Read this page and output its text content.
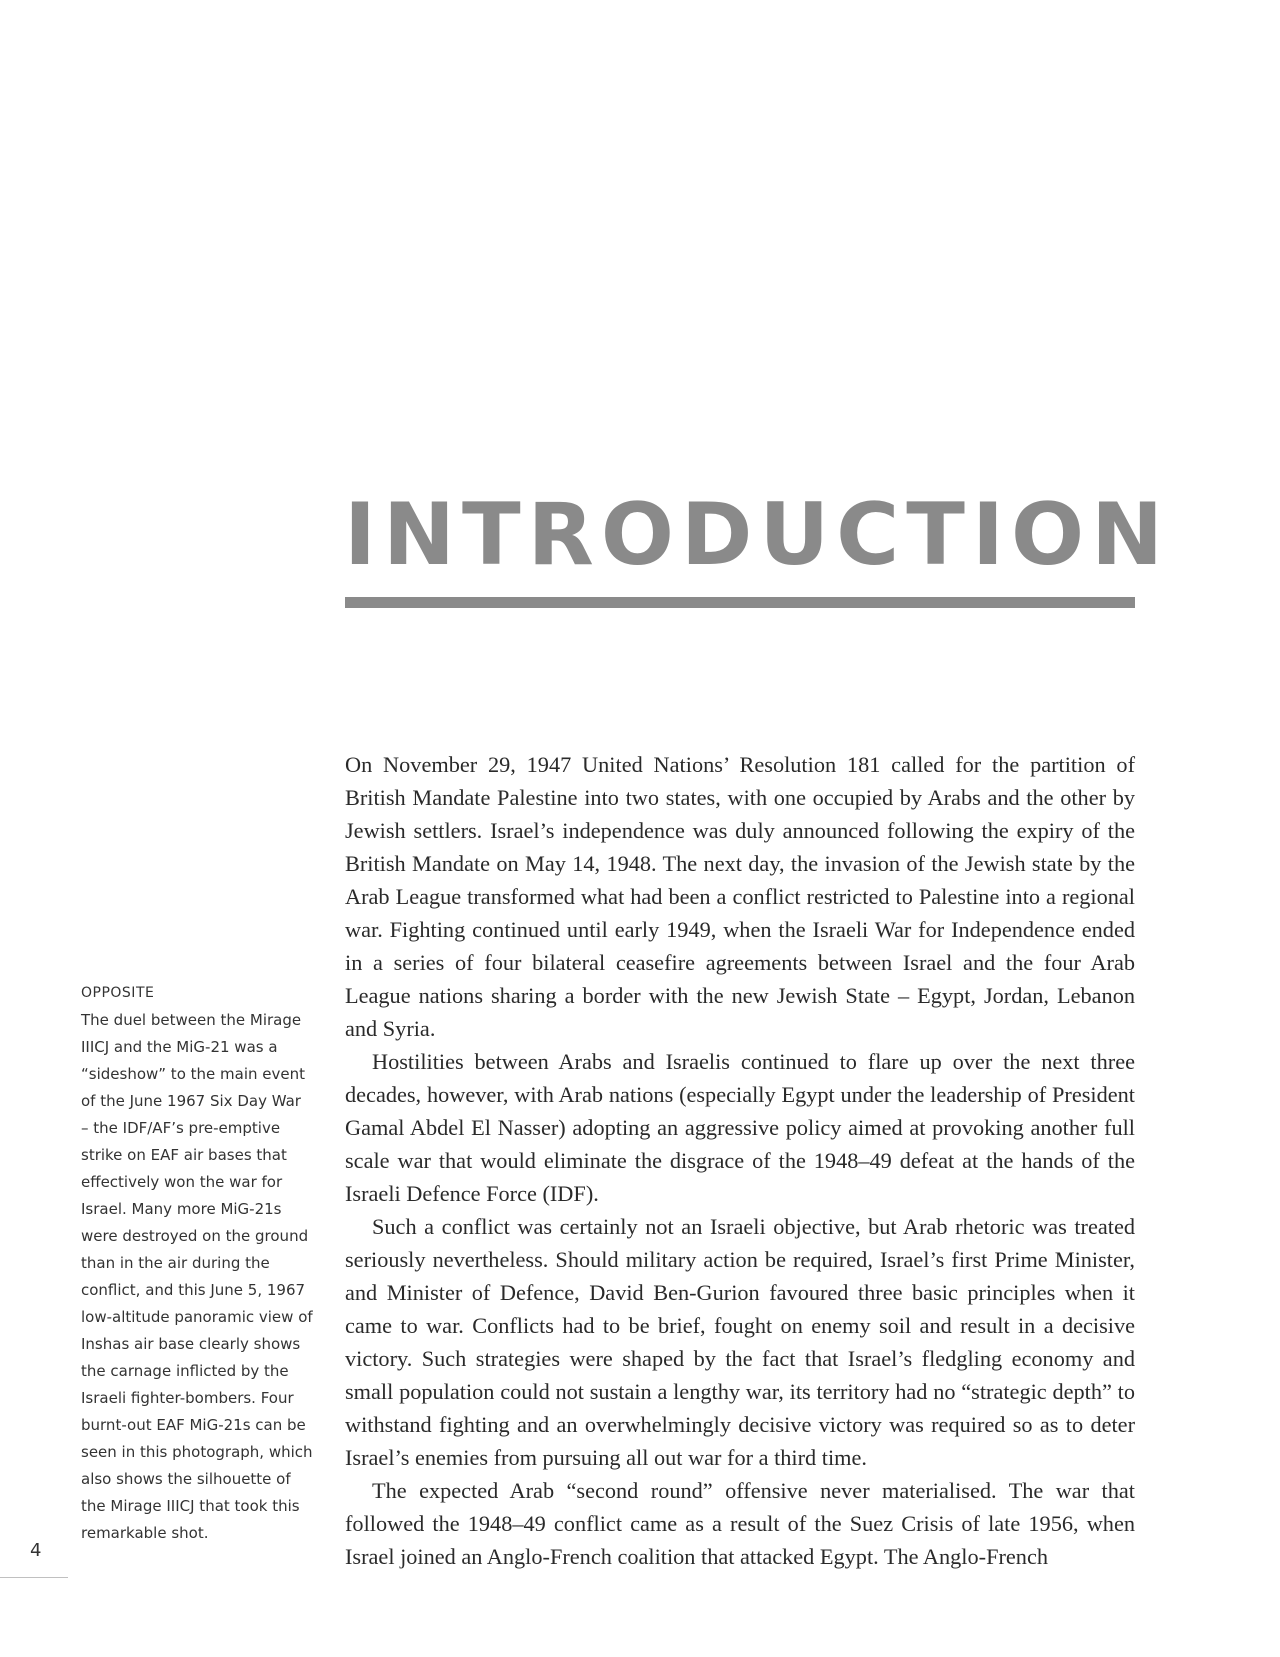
INTRODUCTION
OPPOSITE
The duel between the Mirage IIICJ and the MiG-21 was a “sideshow” to the main event of the June 1967 Six Day War – the IDF/AF’s pre-emptive strike on EAF air bases that effectively won the war for Israel. Many more MiG-21s were destroyed on the ground than in the air during the conflict, and this June 5, 1967 low-altitude panoramic view of Inshas air base clearly shows the carnage inflicted by the Israeli fighter-bombers. Four burnt-out EAF MiG-21s can be seen in this photograph, which also shows the silhouette of the Mirage IIICJ that took this remarkable shot.

On November 29, 1947 United Nations’ Resolution 181 called for the partition of British Mandate Palestine into two states, with one occupied by Arabs and the other by Jewish settlers. Israel’s independence was duly announced following the expiry of the British Mandate on May 14, 1948. The next day, the invasion of the Jewish state by the Arab League transformed what had been a conflict restricted to Palestine into a regional war. Fighting continued until early 1949, when the Israeli War for Independence ended in a series of four bilateral ceasefire agreements between Israel and the four Arab League nations sharing a border with the new Jewish State – Egypt, Jordan, Lebanon and Syria.

Hostilities between Arabs and Israelis continued to flare up over the next three decades, however, with Arab nations (especially Egypt under the leadership of President Gamal Abdel El Nasser) adopting an aggressive policy aimed at provoking another full scale war that would eliminate the disgrace of the 1948–49 defeat at the hands of the Israeli Defence Force (IDF).

Such a conflict was certainly not an Israeli objective, but Arab rhetoric was treated seriously nevertheless. Should military action be required, Israel’s first Prime Minister, and Minister of Defence, David Ben-Gurion favoured three basic principles when it came to war. Conflicts had to be brief, fought on enemy soil and result in a decisive victory. Such strategies were shaped by the fact that Israel’s fledgling economy and small population could not sustain a lengthy war, its territory had no “strategic depth” to withstand fighting and an overwhelmingly decisive victory was required so as to deter Israel’s enemies from pursuing all out war for a third time.

The expected Arab “second round” offensive never materialised. The war that followed the 1948–49 conflict came as a result of the Suez Crisis of late 1956, when Israel joined an Anglo-French coalition that attacked Egypt. The Anglo-French

4
